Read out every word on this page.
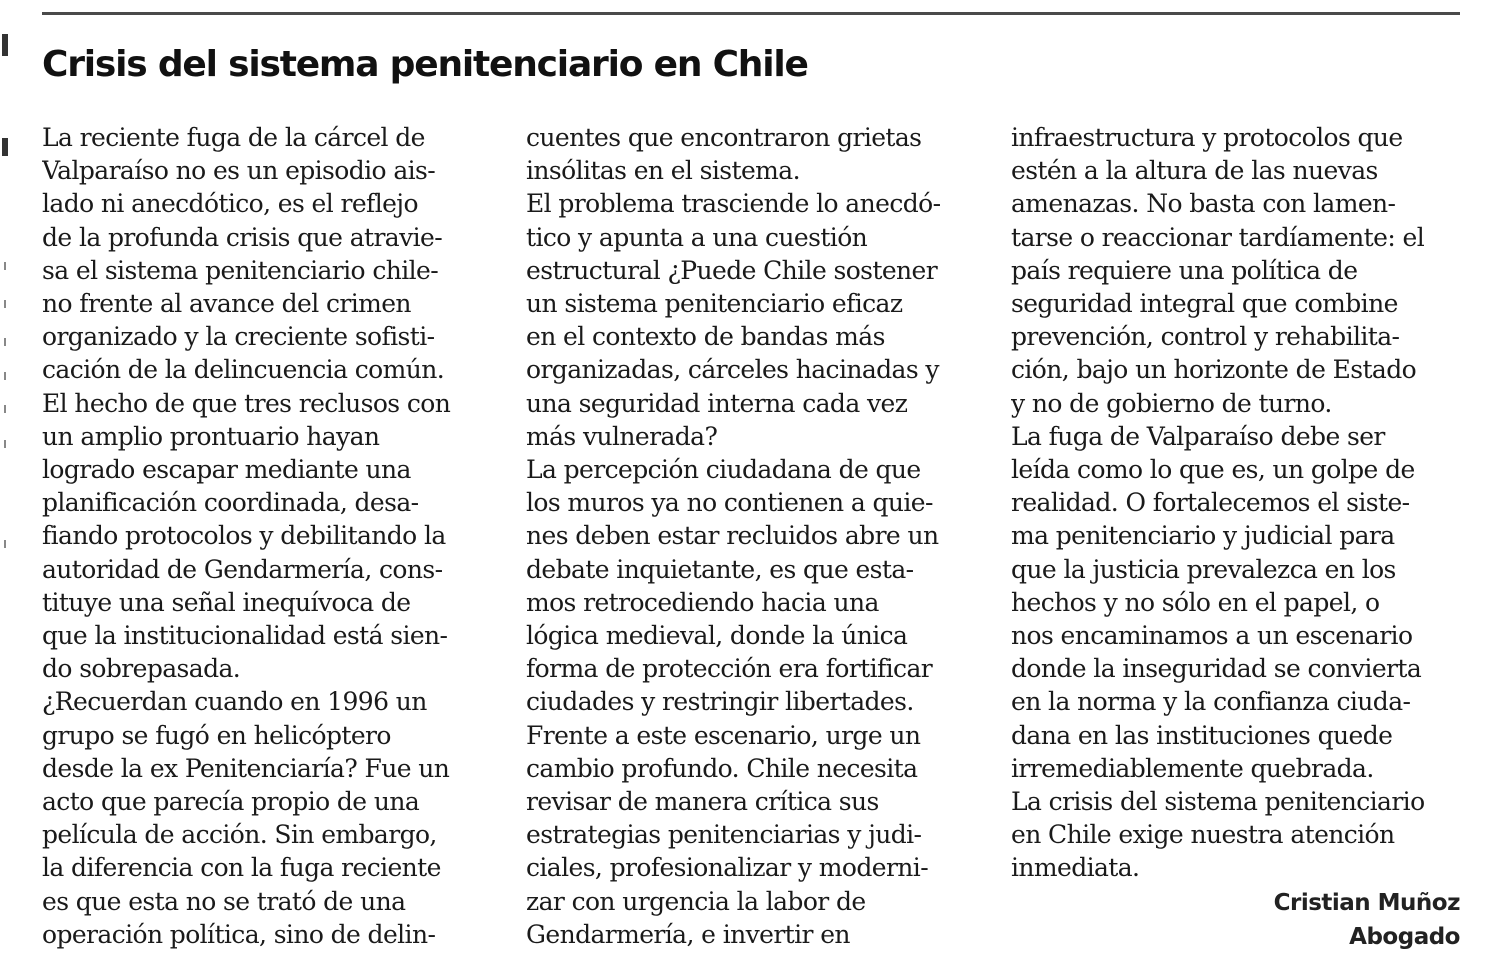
Crisis del sistema penitenciario en Chile
La reciente fuga de la cárcel de
Valparaíso no es un episodio ais-
lado ni anecdótico, es el reflejo
de la profunda crisis que atravie-
sa el sistema penitenciario chile-
no frente al avance del crimen
organizado y la creciente sofisti-
cación de la delincuencia común.
El hecho de que tres reclusos con
un amplio prontuario hayan
logrado escapar mediante una
planificación coordinada, desa-
fiando protocolos y debilitando la
autoridad de Gendarmería, cons-
tituye una señal inequívoca de
que la institucionalidad está sien-
do sobrepasada.
¿Recuerdan cuando en 1996 un
grupo se fugó en helicóptero
desde la ex Penitenciaría? Fue un
acto que parecía propio de una
película de acción. Sin embargo,
la diferencia con la fuga reciente
es que esta no se trató de una
operación política, sino de delin-
cuentes que encontraron grietas
insólitas en el sistema.
El problema trasciende lo anecdó-
tico y apunta a una cuestión
estructural ¿Puede Chile sostener
un sistema penitenciario eficaz
en el contexto de bandas más
organizadas, cárceles hacinadas y
una seguridad interna cada vez
más vulnerada?
La percepción ciudadana de que
los muros ya no contienen a quie-
nes deben estar recluidos abre un
debate inquietante, es que esta-
mos retrocediendo hacia una
lógica medieval, donde la única
forma de protección era fortificar
ciudades y restringir libertades.
Frente a este escenario, urge un
cambio profundo. Chile necesita
revisar de manera crítica sus
estrategias penitenciarias y judi-
ciales, profesionalizar y moderni-
zar con urgencia la labor de
Gendarmería, e invertir en
infraestructura y protocolos que
estén a la altura de las nuevas
amenazas. No basta con lamen-
tarse o reaccionar tardíamente: el
país requiere una política de
seguridad integral que combine
prevención, control y rehabilita-
ción, bajo un horizonte de Estado
y no de gobierno de turno.
La fuga de Valparaíso debe ser
leída como lo que es, un golpe de
realidad. O fortalecemos el siste-
ma penitenciario y judicial para
que la justicia prevalezca en los
hechos y no sólo en el papel, o
nos encaminamos a un escenario
donde la inseguridad se convierta
en la norma y la confianza ciuda-
dana en las instituciones quede
irremediablemente quebrada.
La crisis del sistema penitenciario
en Chile exige nuestra atención
inmediata.
Cristian Muñoz
Abogado
